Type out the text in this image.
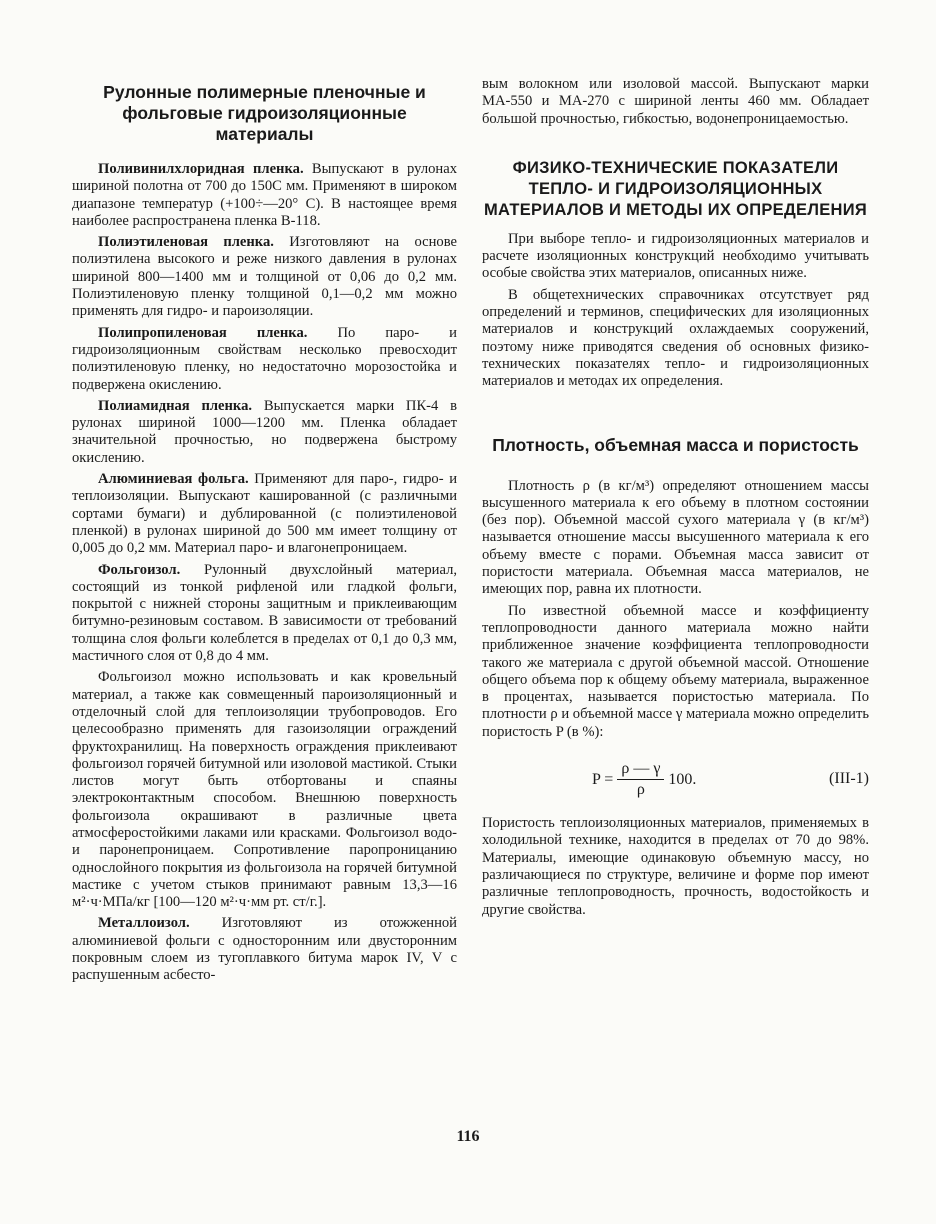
Рулонные полимерные пленочные и фольговые гидроизоляционные материалы

Поливинилхлоридная пленка. Выпускают в рулонах шириной полотна от 700 до 150С мм. Применяют в широком диапазоне температур (+100÷—20° С). В настоящее время наиболее распространена пленка В-118.

Полиэтиленовая пленка. Изготовляют на основе полиэтилена высокого и реже низкого давления в рулонах шириной 800—1400 мм и толщиной от 0,06 до 0,2 мм. Полиэтиленовую пленку толщиной 0,1—0,2 мм можно применять для гидро- и пароизоляции.

Полипропиленовая пленка. По паро- и гидроизоляционным свойствам несколько превосходит полиэтиленовую пленку, но недостаточно морозостойка и подвержена окислению.

Полиамидная пленка. Выпускается марки ПК-4 в рулонах шириной 1000—1200 мм. Пленка обладает значительной прочностью, но подвержена быстрому окислению.

Алюминиевая фольга. Применяют для паро-, гидро- и теплоизоляции. Выпускают кашированной (с различными сортами бумаги) и дублированной (с полиэтиленовой пленкой) в рулонах шириной до 500 мм имеет толщину от 0,005 до 0,2 мм. Материал паро- и влагонепроницаем.

Фольгоизол. Рулонный двухслойный материал, состоящий из тонкой рифленой или гладкой фольги, покрытой с нижней стороны защитным и приклеивающим битумно-резиновым составом. В зависимости от требований толщина слоя фольги колеблется в пределах от 0,1 до 0,3 мм, мастичного слоя от 0,8 до 4 мм.

Фольгоизол можно использовать и как кровельный материал, а также как совмещенный пароизоляционный и отделочный слой для теплоизоляции трубопроводов. Его целесообразно применять для газоизоляции ограждений фруктохранилищ. На поверхность ограждения приклеивают фольгоизол горячей битумной или изоловой мастикой. Стыки листов могут быть отбортованы и спаяны электроконтактным способом. Внешнюю поверхность фольгоизола окрашивают в различные цвета атмосферостойкими лаками или красками. Фольгоизол водо- и паронепроницаем. Сопротивление паропроницанию однослойного покрытия из фольгоизола на горячей битумной мастике с учетом стыков принимают равным 13,3—16 м²·ч·МПа/кг [100—120 м²·ч·мм рт. ст/г.].

Металлоизол. Изготовляют из отожженной алюминиевой фольги с односторонним или двусторонним покровным слоем из тугоплавкого битума марок IV, V с распушенным асбесто-

вым волокном или изоловой массой. Выпускают марки МА-550 и МА-270 с шириной ленты 460 мм. Обладает большой прочностью, гибкостью, водонепроницаемостью.

ФИЗИКО-ТЕХНИЧЕСКИЕ ПОКАЗАТЕЛИ ТЕПЛО- И ГИДРОИЗОЛЯЦИОННЫХ МАТЕРИАЛОВ И МЕТОДЫ ИХ ОПРЕДЕЛЕНИЯ

При выборе тепло- и гидроизоляционных материалов и расчете изоляционных конструкций необходимо учитывать особые свойства этих материалов, описанных ниже.

В общетехнических справочниках отсутствует ряд определений и терминов, специфических для изоляционных материалов и конструкций охлаждаемых сооружений, поэтому ниже приводятся сведения об основных физико-технических показателях тепло- и гидроизоляционных материалов и методах их определения.

Плотность, объемная масса и пористость

Плотность ρ (в кг/м³) определяют отношением массы высушенного материала к его объему в плотном состоянии (без пор). Объемной массой сухого материала γ (в кг/м³) называется отношение массы высушенного материала к его объему вместе с порами. Объемная масса зависит от пористости материала. Объемная масса материалов, не имеющих пор, равна их плотности.

По известной объемной массе и коэффициенту теплопроводности данного материала можно найти приближенное значение коэффициента теплопроводности такого же материала с другой объемной массой. Отношение общего объема пор к общему объему материала, выраженное в процентах, называется пористостью материала. По плотности ρ и объемной массе γ материала можно определить пористость P (в %):

$P = \frac{\rho — \gamma}{\rho} 100$.	(III-1)

Пористость теплоизоляционных материалов, применяемых в холодильной технике, находится в пределах от 70 до 98%. Материалы, имеющие одинаковую объемную массу, но различающиеся по структуре, величине и форме пор имеют различные теплопроводность, прочность, водостойкость и другие свойства.

116
